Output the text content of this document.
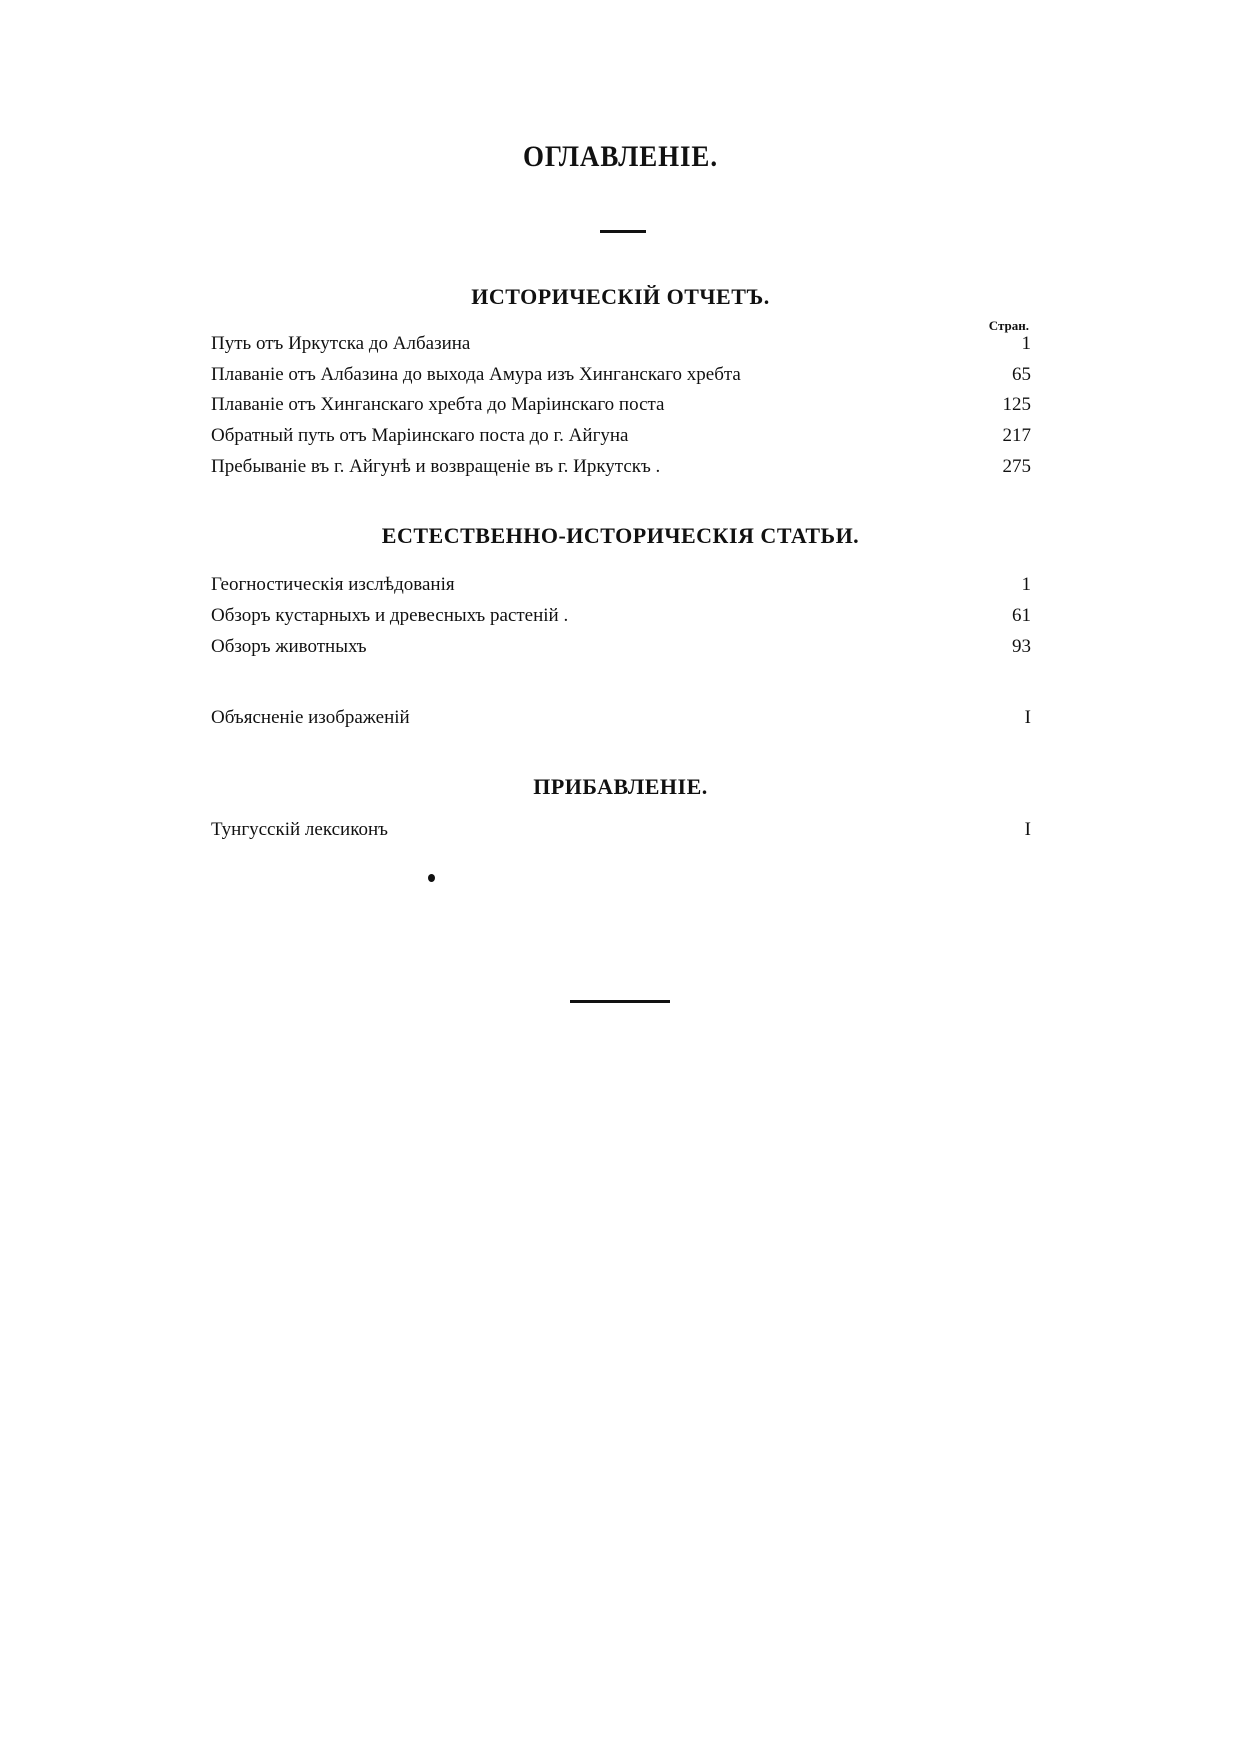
ОГЛАВЛЕНIЕ.
ИСТОРИЧЕСКIЙ ОТЧЕТЪ.
Стран.
Путь отъ Иркутска до Албазина	1
Плаванiе отъ Албазина до выхода Амура изъ Хинганскаго хребта	65
Плаванiе отъ Хинганскаго хребта до Марiинскаго поста	125
Обратный путь отъ Марiинскаго поста до г. Айгуна	217
Пребыванiе въ г. Айгунѣ и возвращенiе въ г. Иркутскъ .	275
ЕСТЕСТВЕННО-ИСТОРИЧЕСКIЯ СТАТЬИ.
Геогностическiя изслѣдованiя	1
Обзоръ кустарныхъ и древесныхъ растенiй .	61
Обзоръ животныхъ	93
Объясненiе изображенiй	I
ПРИБАВЛЕНIЕ.
Тунгусскiй лексиконъ	I
